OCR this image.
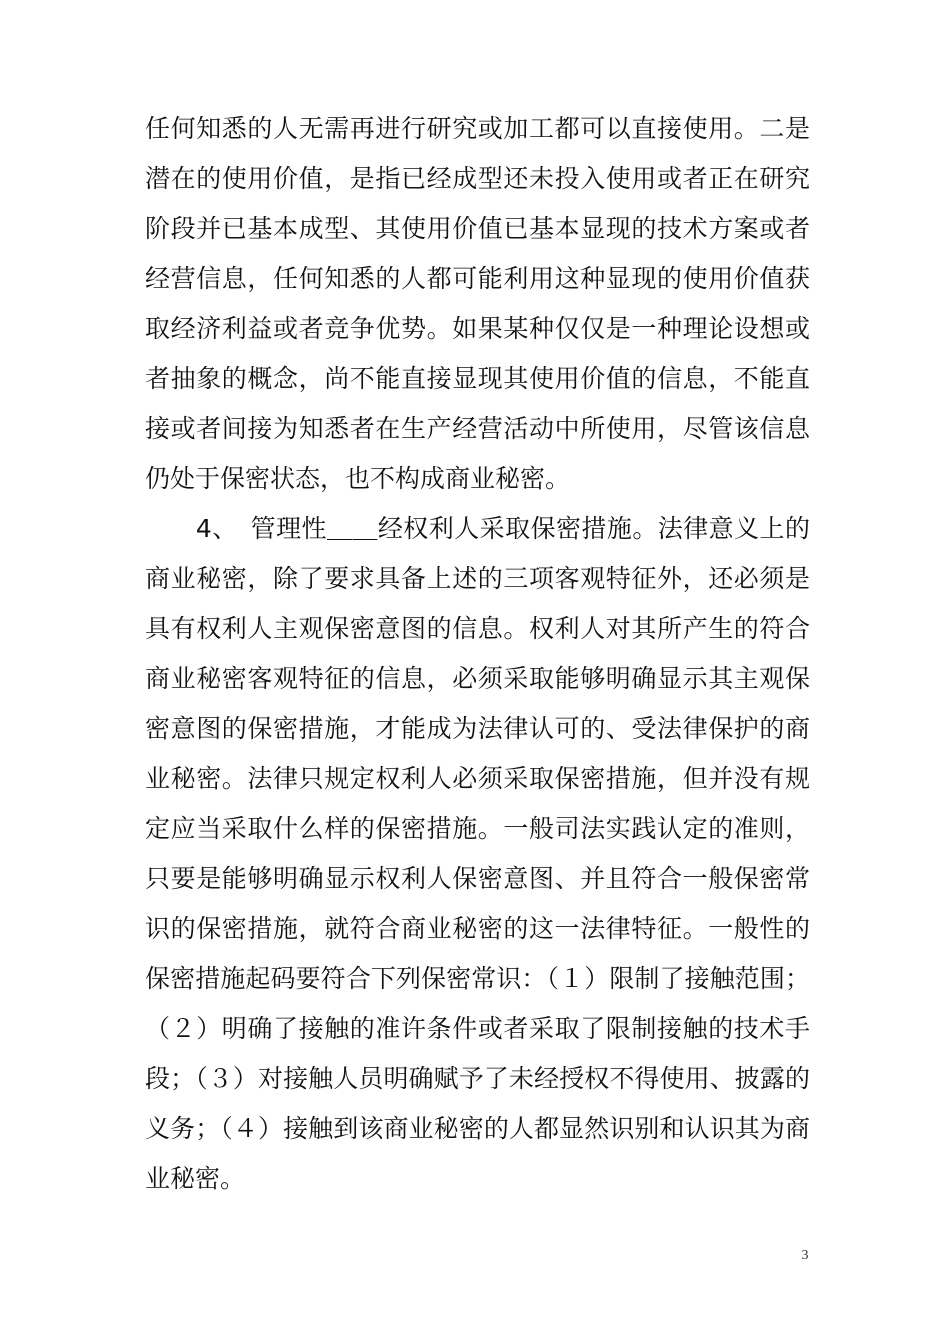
任何知悉的人无需再进行研究或加工都可以直接使用。二是
潜在的使用价值，是指已经成型还未投入使用或者正在研究
阶段并已基本成型、其使用价值已基本显现的技术方案或者
经营信息，任何知悉的人都可能利用这种显现的使用价值获
取经济利益或者竞争优势。如果某种仅仅是一种理论设想或
者抽象的概念，尚不能直接显现其使用价值的信息，不能直
接或者间接为知悉者在生产经营活动中所使用，尽管该信息
仍处于保密状态，也不构成商业秘密。
　　4、　管理性＿＿经权利人采取保密措施。法律意义上的
商业秘密，除了要求具备上述的三项客观特征外，还必须是
具有权利人主观保密意图的信息。权利人对其所产生的符合
商业秘密客观特征的信息，必须采取能够明确显示其主观保
密意图的保密措施，才能成为法律认可的、受法律保护的商
业秘密。法律只规定权利人必须采取保密措施，但并没有规
定应当采取什么样的保密措施。一般司法实践认定的准则，
只要是能够明确显示权利人保密意图、并且符合一般保密常
识的保密措施，就符合商业秘密的这一法律特征。一般性的
保密措施起码要符合下列保密常识：（１）限制了接触范围；
（２）明确了接触的准许条件或者采取了限制接触的技术手
段；（３）对接触人员明确赋予了未经授权不得使用、披露的
义务；（４）接触到该商业秘密的人都显然识别和认识其为商
业秘密。
3
